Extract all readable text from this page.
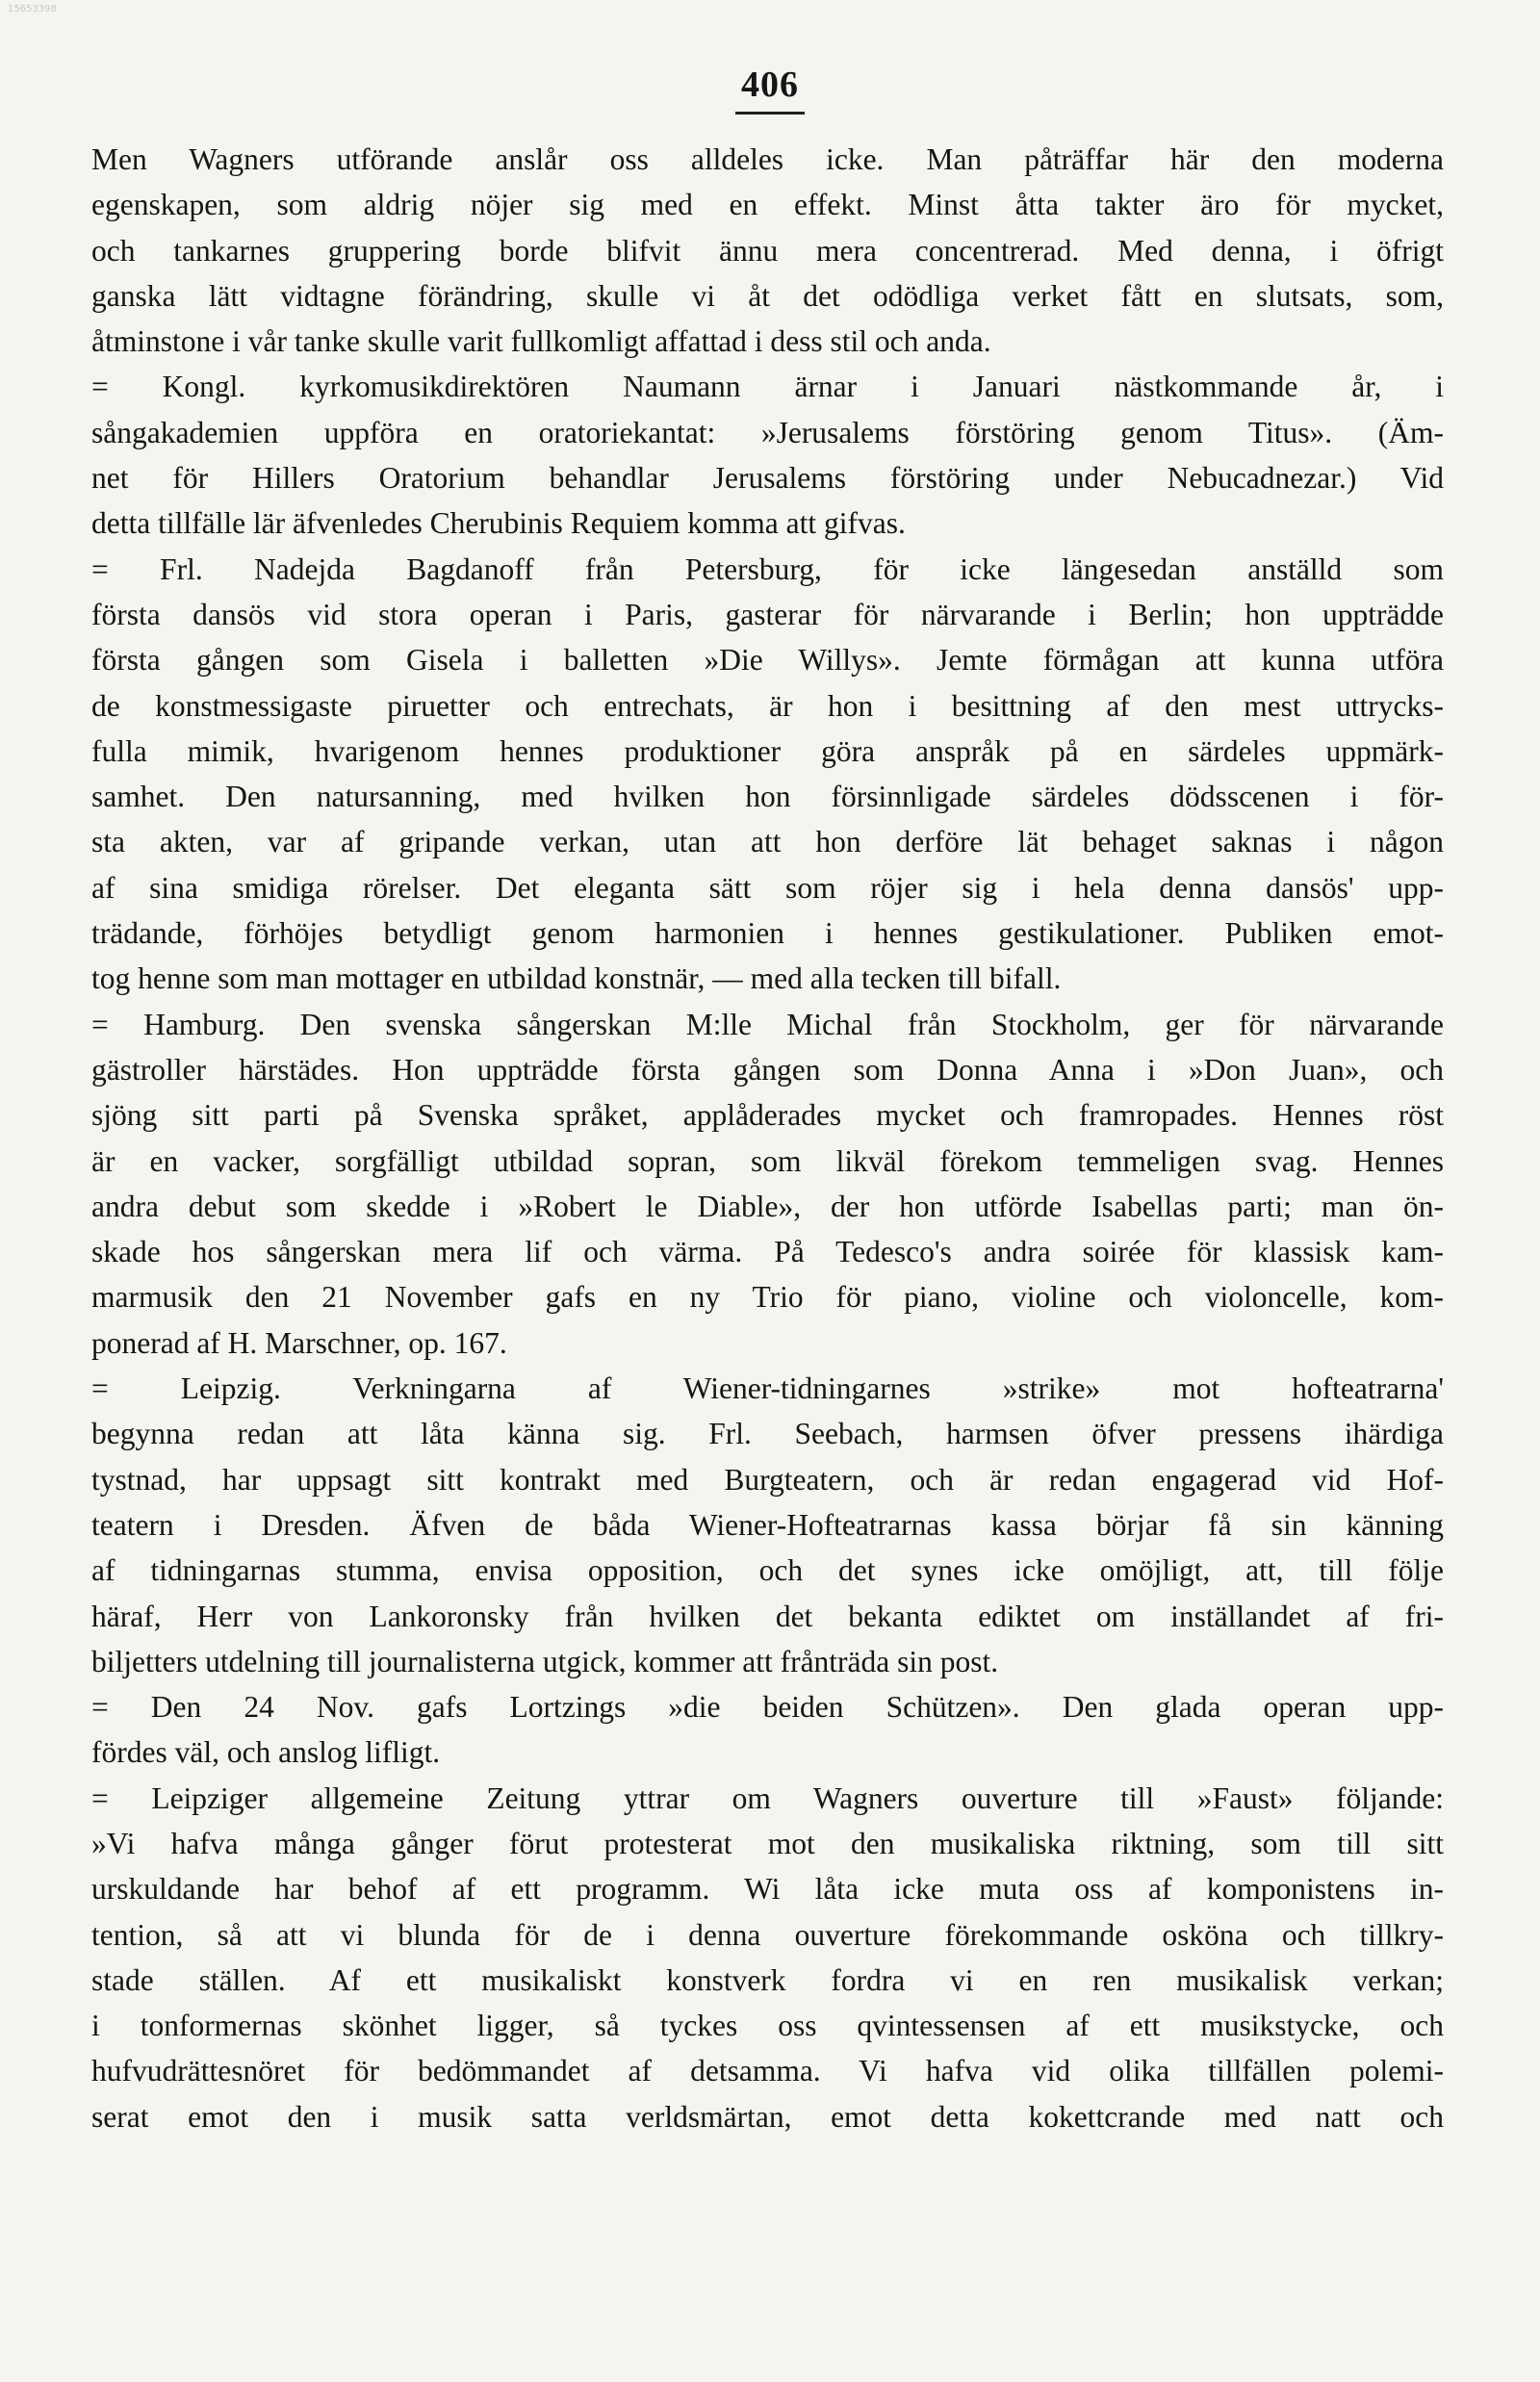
15653398
406
Men Wagners utförande anslår oss alldeles icke. Man påträffar här den moderna
egenskapen, som aldrig nöjer sig med en effekt. Minst åtta takter äro för mycket,
och tankarnes gruppering borde blifvit ännu mera concentrerad. Med denna, i öfrigt
ganska lätt vidtagne förändring, skulle vi åt det odödliga verket fått en slutsats, som,
åtminstone i vår tanke skulle varit fullkomligt affattad i dess stil och anda.
= Kongl. kyrkomusikdirektören Naumann ärnar i Januari nästkommande år, i
sångakademien uppföra en oratoriekantat: »Jerusalems förstöring genom Titus». (Äm-
net för Hillers Oratorium behandlar Jerusalems förstöring under Nebucadnezar.) Vid
detta tillfälle lär äfvenledes Cherubinis Requiem komma att gifvas.
= Frl. Nadejda Bagdanoff från Petersburg, för icke längesedan anställd som
första dansös vid stora operan i Paris, gasterar för närvarande i Berlin; hon uppträdde
första gången som Gisela i balletten »Die Willys». Jemte förmågan att kunna utföra
de konstmessigaste piruetter och entrechats, är hon i besittning af den mest uttrycks-
fulla mimik, hvarigenom hennes produktioner göra anspråk på en särdeles uppmärk-
samhet. Den natursanning, med hvilken hon försinnligade särdeles dödsscenen i för-
sta akten, var af gripande verkan, utan att hon derföre lät behaget saknas i någon
af sina smidiga rörelser. Det eleganta sätt som röjer sig i hela denna dansös' upp-
trädande, förhöjes betydligt genom harmonien i hennes gestikulationer. Publiken emot-
tog henne som man mottager en utbildad konstnär, — med alla tecken till bifall.
= Hamburg. Den svenska sångerskan M:lle Michal från Stockholm, ger för närvarande
gästroller härstädes. Hon uppträdde första gången som Donna Anna i »Don Juan», och
sjöng sitt parti på Svenska språket, applåderades mycket och framropades. Hennes röst
är en vacker, sorgfälligt utbildad sopran, som likväl förekom temmeligen svag. Hennes
andra debut som skedde i »Robert le Diable», der hon utförde Isabellas parti; man ön-
skade hos sångerskan mera lif och värma. På Tedesco's andra soirée för klassisk kam-
marmusik den 21 November gafs en ny Trio för piano, violine och violoncelle, kom-
ponerad af H. Marschner, op. 167.
= Leipzig. Verkningarna af Wiener-tidningarnes »strike» mot hofteatrarna'
begynna redan att låta känna sig. Frl. Seebach, harmsen öfver pressens ihärdiga
tystnad, har uppsagt sitt kontrakt med Burgteatern, och är redan engagerad vid Hof-
teatern i Dresden. Äfven de båda Wiener-Hofteatrarnas kassa börjar få sin känning
af tidningarnas stumma, envisa opposition, och det synes icke omöjligt, att, till följe
häraf, Herr von Lankoronsky från hvilken det bekanta ediktet om inställandet af fri-
biljetters utdelning till journalisterna utgick, kommer att frånträda sin post.
= Den 24 Nov. gafs Lortzings »die beiden Schützen». Den glada operan upp-
fördes väl, och anslog lifligt.
= Leipziger allgemeine Zeitung yttrar om Wagners ouverture till »Faust» följande:
»Vi hafva många gånger förut protesterat mot den musikaliska riktning, som till sitt
urskuldande har behof af ett programm. Wi låta icke muta oss af komponistens in-
tention, så att vi blunda för de i denna ouverture förekommande osköna och tillkry-
stade ställen. Af ett musikaliskt konstverk fordra vi en ren musikalisk verkan;
i tonformernas skönhet ligger, så tyckes oss qvintessensen af ett musikstycke, och
hufvudrättesnöret för bedömmandet af detsamma. Vi hafva vid olika tillfällen polemi-
serat emot den i musik satta verldsmärtan, emot detta kokettcrande med natt och
